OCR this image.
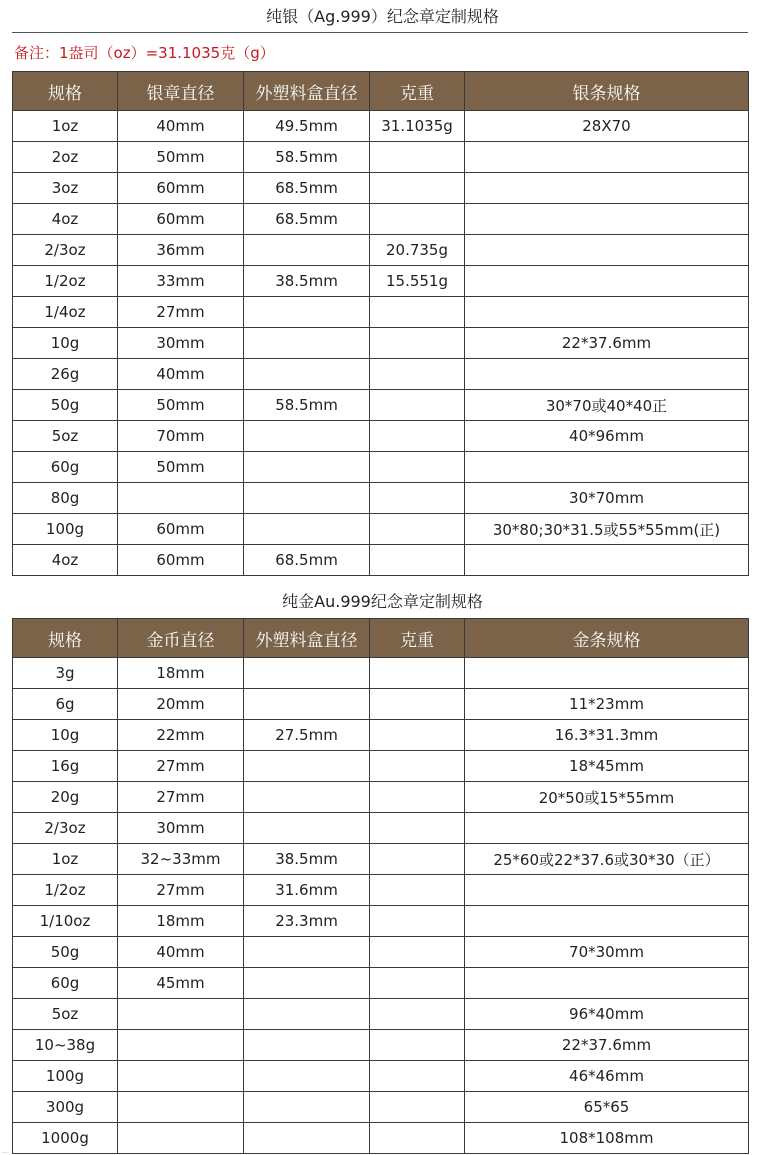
纯银（Ag.999）纪念章定制规格
备注：1盎司（oz）=31.1035克（g）
规格	银章直径	外塑料盒直径	克重	银条规格
1oz	40mm	49.5mm	31.1035g	28X70
2oz	50mm	58.5mm		
3oz	60mm	68.5mm		
4oz	60mm	68.5mm		
2/3oz	36mm		20.735g	
1/2oz	33mm	38.5mm	15.551g	
1/4oz	27mm			
10g	30mm			22*37.6mm
26g	40mm			
50g	50mm	58.5mm		30*70或40*40正
5oz	70mm			40*96mm
60g	50mm			
80g				30*70mm
100g	60mm			30*80;30*31.5或55*55mm(正)
4oz	60mm	68.5mm		
纯金Au.999纪念章定制规格
规格	金币直径	外塑料盒直径	克重	金条规格
3g	18mm			
6g	20mm			11*23mm
10g	22mm	27.5mm		16.3*31.3mm
16g	27mm			18*45mm
20g	27mm			20*50或15*55mm
2/3oz	30mm			
1oz	32~33mm	38.5mm		25*60或22*37.6或30*30（正）
1/2oz	27mm	31.6mm		
1/10oz	18mm	23.3mm		
50g	40mm			70*30mm
60g	45mm			
5oz				96*40mm
10~38g				22*37.6mm
100g				46*46mm
300g				65*65
1000g				108*108mm
...
